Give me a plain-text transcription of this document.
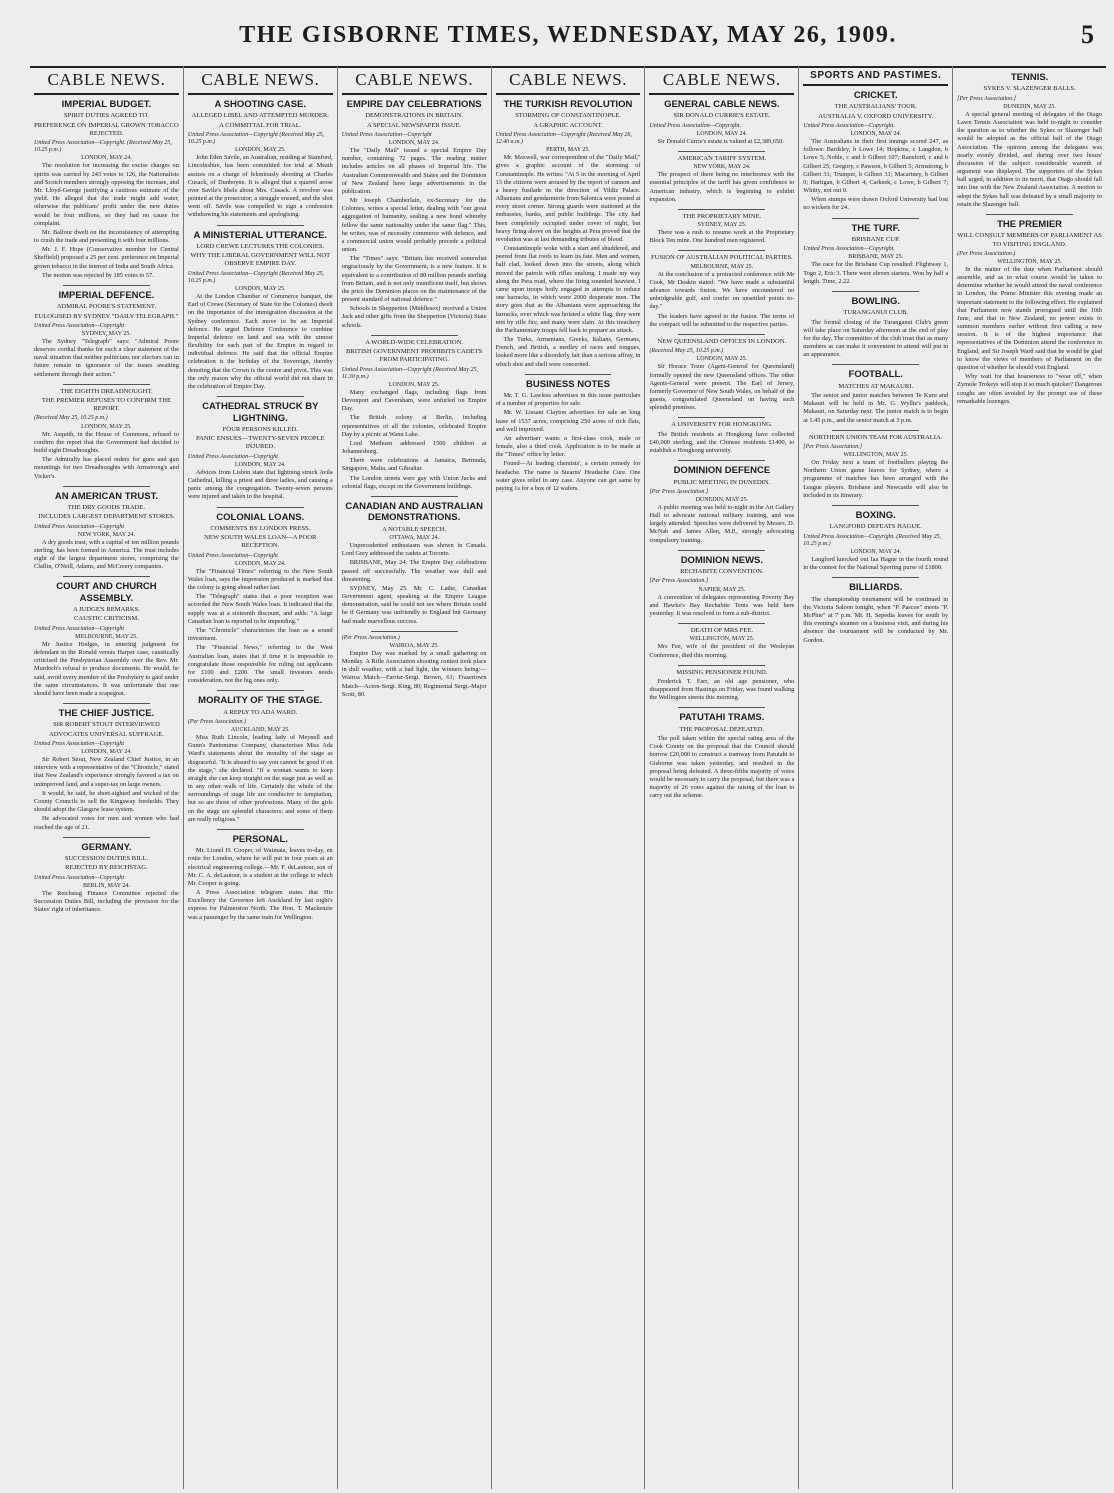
THE GISBORNE TIMES, WEDNESDAY, MAY 26, 1909.	5
CABLE NEWS.
IMPERIAL BUDGET.
SPIRIT DUTIES AGREED TO.
PREFERENCE ON IMPERIAL GROWN TOBACCO REJECTED.
United Press Association—Copyright. (Received May 25, 10.25 p.m.)
LONDON, MAY 24.

The resolution for increasing the excise charges on spirits was carried by 243 votes to 126, the Nationalists and Scotch members strongly opposing the increase, and Mr. Lloyd-George justifying a cautious estimate of the yield. He alleged that the trade might add water, otherwise the publicans' profit under the new duties would be four millions, so they had no cause for complaint.

Mr. Balfour dwelt on the inconsistency of attempting to crush the trade and presenting it with four millions.

Mr. J. F. Hope (Conservative member for Central Sheffield) proposed a 25 per cent. preference on Imperial grown tobacco in the interest of India and South Africa.

The motion was rejected by 185 votes to 57.

IMPERIAL DEFENCE.
ADMIRAL POORE'S STATEMENT.
EULOGISED BY SYDNEY "DAILY TELEGRAPH."
United Press Association—Copyright
SYDNEY, MAY 25.

The Sydney "Telegraph" says: "Admiral Poore deserves cordial thanks for such a clear statement of the naval situation that neither politicians nor electors can in future remain in ignorance of the issues awaiting settlement through their action."

THE EIGHTH DREADNOUGHT.
THE PREMIER REFUSES TO CONFIRM THE REPORT.
(Received May 25, 10.25 p.m.)
LONDON, MAY 25.

Mr. Asquith, in the House of Commons, refused to confirm the report that the Government had decided to build eight Dreadnoughts.

The Admiralty has placed orders for guns and gun mountings for two Dreadnoughts with Armstrong's and Vicker's.

AN AMERICAN TRUST.
THE DRY GOODS TRADE.
INCLUDES LARGEST DEPARTMENT STORES.
United Press Association—Copyright
NEW YORK, MAY 24.

A dry goods trust, with a capital of ten million pounds sterling, has been formed in America. The trust includes eight of the largest department stores, comprising the Claflin, O'Neill, Adams, and McCreery companies.

COURT AND CHURCH ASSEMBLY.
A JUDGE'S REMARKS.
CAUSTIC CRITICISM.
United Press Association—Copyright
MELBOURNE, MAY 25.

Mr Justice Hodges, in entering judgment for defendant in the Ronald versus Harper case, caustically criticised the Presbyterian Assembly over the Rev. Mr. Murdoch's refusal to produce documents. He would, he said, avoid every member of the Presbytery to gaol under the same circumstances. It was unfortunate that one should have been made a scapegoat.

THE CHIEF JUSTICE.
SIR ROBERT STOUT INTERVIEWED
ADVOCATES UNIVERSAL SUFFRAGE.
United Press Association—Copyright
LONDON, MAY 24.

Sir Robert Stout, New Zealand Chief Justice, in an interview with a representative of the "Chronicle," stated that New Zealand's experience strongly favored a tax on unimproved land, and a super-tax on large owners.

It would, he said, be short-sighted and wicked of the County Councils to sell the Kingsway freeholds. They should adopt the Glasgow lease system.

He advocated votes for men and women who had reached the age of 21.

GERMANY.
SUCCESSION DUTIES BILL.
REJECTED BY REICHSTAG.
United Press Association—Copyright
BERLIN, MAY 24.

The Reichstag Finance Committee rejected the Succession Duties Bill, including the provision for the States' right of inheritance.

CABLE NEWS.
A SHOOTING CASE.
ALLEGED LIBEL AND ATTEMPTED MURDER.
A COMMITTAL FOR TRIAL.
United Press Association—Copyright (Received May 25, 10.25 p.m.)
LONDON, MAY 25.

John Eden Savile, an Australian, residing at Stamford, Lincolnshire, has been committed for trial at Meath assizes on a charge of feloniously shooting at Charles Cusack, of Dunboyne. It is alleged that a quarrel arose over Savile's libels about Mrs. Cusack. A revolver was pointed at the prosecutor; a struggle ensued, and the shot went off. Savile was compelled to sign a confession withdrawing his statements and apologising.

A MINISTERIAL UTTERANCE.
LORD CREWE LECTURES THE COLONIES.
WHY THE LIBERAL GOVERNMENT WILL NOT OBSERVE EMPIRE DAY.
United Press Association—Copyright (Received May 25, 10.25 p.m.)
LONDON, MAY 25.

At the London Chamber of Commerce banquet, the Earl of Crewe (Secretary of State for the Colonies) dwelt on the importance of the immigration discussion at the Sydney conference. Each move to be an Imperial defence. He urged Defence Conference to combine Imperial defence on land and sea with the utmost flexibility for each part of the Empire in regard to individual defence. He said that the official Empire celebration is the birthday of the Sovereign, thereby denoting that the Crown is the centre and pivot. This was the only reason why the official world did not share in the celebration of Empire Day.

CATHEDRAL STRUCK BY LIGHTNING.
FOUR PERSONS KILLED.
PANIC ENSUES—TWENTY-SEVEN PEOPLE INJURED.
United Press Association—Copyright
LONDON, MAY 24.

Advices from Lisbon state that lightning struck Avila Cathedral, killing a priest and three ladies, and causing a panic among the congregation. Twenty-seven persons were injured and taken to the hospital.

COLONIAL LOANS.
COMMENTS BY LONDON PRESS.
NEW SOUTH WALES LOAN—A POOR RECEPTION.
United Press Association—Copyright
LONDON, MAY 24.

The "Financial Times" referring to the New South Wales loan, says the impression produced is marked that the colony is going ahead rather fast.

The "Telegraph" states that a poor reception was accorded the New South Wales loan. It indicated that the supply was at a sixteenth discount, and adds: "A large Canadian loan is reported to be impending."

The "Chronicle" characterises the loan as a sound investment.

The "Financial News," referring to the West Australian loan, states that if time it is impossible to congratulate those responsible for ruling out applicants for £100 and £200. The small investors needs consideration, not the big ones only.

MORALITY OF THE STAGE.
A REPLY TO ADA WARD.
(Per Press Association.)
AUCKLAND, MAY 25.

Miss Ruth Lincoln, leading lady of Meynell and Gunn's Pantomime Company, characterises Miss Ada Ward's statements about the morality of the stage as disgraceful. "It is absurd to say you cannot be good if on the stage," she declared. "If a woman wants to keep straight she can keep straight on the stage just as well as in any other walk of life. Certainly the whole of the surroundings of stage life are conducive to temptation, but so are those of other professions. Many of the girls on the stage are splendid characters; and some of them are really religious."

PERSONAL.

Mr. Lionel H. Cooper, of Waimata, leaves to-day, en route for London, where he will put in four years at an electrical engineering college.—Mr. F. deLautour, son of Mr. C. A. deLautour, is a student at the college to which Mr. Cooper is going.

A Press Association telegram states that His Excellency the Governor left Auckland by last night's express for Palmerston North. The Hon. T. Mackenzie was a passenger by the same train for Wellington.

CABLE NEWS.
EMPIRE DAY CELEBRATIONS
DEMONSTRATIONS IN BRITAIN.
A SPECIAL NEWSPAPER ISSUE.
United Press Association—Copyright
LONDON, MAY 24.

The "Daily Mail" issued a special Empire Day number, containing 72 pages. The reading matter includes articles on all phases of Imperial life. The Australian Commonwealth and States and the Dominion of New Zealand have large advertisements in the publication.

Mr Joseph Chamberlain, ex-Secretary for the Colonies, writes a special letter, dealing with "our great aggregation of humanity, sealing a new bond whereby fellow the same nationality under the same flag." This, he writes, was of necessity commerce with defence, and a commercial union would probably precede a political union.

The "Times" says: "Britain has received somewhat ungraciously by the Government, is a new feature. It is equivalent to a contribution of 80 million pounds sterling from Britain, and is not only munificent itself, but shows the price the Dominion places on the maintenance of the present standard of national defence."

Schools in Shepperton (Middlesex) received a Union Jack and other gifts from the Shepperton (Victoria) State schools.

A WORLD-WIDE CELEBRATION.
BRITISH GOVERNMENT PROHIBITS CADETS FROM PARTICIPATING.
United Press Association—Copyright (Received May 25, 11.30 p.m.)
LONDON, MAY 25.

Many exchanged flags, including flags from Devonport and Caversham, were unfurled on Empire Day.

The British colony at Berlin, including representatives of all the colonies, celebrated Empire Day by a picnic at Wann Lake.

Lord Methuen addressed 1500 children at Johannesburg.

There were celebrations at Jamaica, Bermuda, Singapore, Malta, and Gibraltar.

The London streets were gay with Union Jacks and colonial flags, except on the Government buildings.

CANADIAN AND AUSTRALIAN DEMONSTRATIONS.
A NOTABLE SPEECH.
OTTAWA, MAY 24.

Unprecedented enthusiasm was shown in Canada. Lord Grey addressed the cadets at Toronto.

BRISBANE, May 24. The Empire Day celebrations passed off successfully. The weather was dull and threatening.

SYDNEY, May 25. Mr. C. Lathe, Canadian Government agent, speaking at the Empire League demonstration, said he could not see where Britain could be if Germany was unfriendly to England but Germany had made marvellous success.

(Per Press Association.)
WAIROA, MAY 25.

Empire Day was marked by a small gathering on Monday. A Rifle Association shooting contest took place in dull weather, with a bad light, the winners being:—Wairoa Match—Farrier-Sergt. Brown, 61; Frasertown Match—Acton-Sergt. King, 80; Regimental Sergt.-Major Scott, 80.

CABLE NEWS.
THE TURKISH REVOLUTION
STORMING OF CONSTANTINOPLE.
A GRAPHIC ACCOUNT.
United Press Association—Copyright (Received May 26, 12.40 a.m.)
PERTH, MAY 25.

Mr. Maxwell, war correspondent of the "Daily Mail," gives a graphic account of the storming of Constantinople. He writes: "At 5 in the morning of April 13 the citizens were aroused by the report of cannon and a heavy fusilade in the direction of Yildiz Palace. Albanians and gendarmerie from Salonica were posted at every street corner. Strong guards were stationed at the embassies, banks, and public buildings. The city had been completely occupied under cover of night, but heavy firing above on the heights at Pera proved that the revolution was at last demanding tributes of blood.

Constantinople woke with a start and shuddered, and peered from flat roofs to learn its fate. Men and women, half clad, looked down into the streets, along which moved the patrols with rifles unslung. I made my way along the Pera road, where the firing sounded heaviest. I came upon troops hotly engaged in attempts to reduce one barracks, in which were 2000 desperate men. The story goes that as the Albanians were approaching the barracks, over which was hoisted a white flag, they were met by rifle fire, and many were slain. At this treachery the Parliamentary troops fell back to prepare an attack.

The Turks, Armenians, Greeks, Italians, Germans, French, and British, a medley of races and tongues, looked more like a disorderly fair than a serious affray, in which shot and shell were concerned.

BUSINESS NOTES

Mr. T. G. Lawless advertises in this issue particulars of a number of properties for sale.

Mr. W. Lissant Clayton advertises for sale an long lease of 1537 acres, comprising 250 acres of rich flats, and well improved.

An advertiser wants a first-class cook, male or female, also a third cook. Application is to be made at the "Times" office by letter.

Found—At leading chemists', a certain remedy for headache. The name is Stearns' Headache Cure. One water gives relief in any case. Anyone can get same by paying 1s for a box of 12 wafers.

CABLE NEWS.
GENERAL CABLE NEWS.
SIR DONALD CURRIE'S ESTATE.
United Press Association—Copyright.
LONDON, MAY 24.

Sir Donald Currie's estate is valued at £2,389,650.

AMERICAN TARIFF SYSTEM.
NEW YORK, MAY 24.

The prospect of there being no interference with the essential principles of the tariff has given confidence to American industry, which is beginning to exhibit expansion.

THE PROPRIETARY MINE.
SYDNEY, MAY 25.

There was a rush to resume work at the Proprietary Block Ten mine. One hundred men registered.

FUSION OF AUSTRALIAN POLITICAL PARTIES.
MELBOURNE, MAY 25.

At the conclusion of a protracted conference with Mr Cook, Mr Deakin stated: "We have made a substantial advance towards fusion. We have encountered no unbridgeable gulf, and confer on unsettled points to-day."

The leaders have agreed to the fusion. The terms of the compact will be submitted to the respective parties.

NEW QUEENSLAND OFFICES IN LONDON.
(Received May 25, 10.25 p.m.)
LONDON, MAY 25.

Sir Horace Tozer (Agent-General for Queensland) formally opened the new Queensland offices. The other Agents-General were present. The Earl of Jersey, formerly Governor of New South Wales, on behalf of the guests, congratulated Queensland on having such splendid premises.

A UNIVERSITY FOR HONGKONG.

The British residents at Hongkong have collected £40,000 sterling, and the Chinese residents £1400, to establish a Hongkong university.

DOMINION DEFENCE
PUBLIC MEETING IN DUNEDIN.
[Per Press Association.]
DUNEDIN, MAY 25.

A public meeting was held to-night in the Art Gallery Hall to advocate national military training, and was largely attended. Speeches were delivered by Messrs. D. McNab and James Allen, M.P., strongly advocating compulsory training.

DOMINION NEWS.
RECHABITE CONVENTION.
[Per Press Association.]
NAPIER, MAY 25.

A convention of delegates representing Poverty Bay and Hawke's Bay Rechabite Tents was held here yesterday. It was resolved to form a sub-district.

DEATH OF MRS FEE.
WELLINGTON, MAY 25.

Mrs Fee, wife of the president of the Wesleyan Conference, died this morning.

MISSING PENSIONER FOUND.

Frederick T. Farr, an old age pensioner, who disappeared from Hastings on Friday, was found walking the Wellington streets this morning.

PATUTAHI TRAMS.
THE PROPOSAL DEFEATED.

The poll taken within the special rating area of the Cook County on the proposal that the Council should borrow £20,000 to construct a tramway from Patutahi to Gisborne was taken yesterday, and resulted in the proposal being defeated. A three-fifths majority of votes would be necessary to carry the proposal, but there was a majority of 26 votes against the raising of the loan to carry out the scheme.

SPORTS AND PASTIMES.
CRICKET.
THE AUSTRALIANS' TOUR.
AUSTRALIA V. OXFORD UNIVERSITY.
United Press Association—Copyright.
LONDON, MAY 24.

The Australians in their first innings scored 247, as follows: Bardsley, b Lowe 14; Hopkins, c Langdon, b Lowe 5; Noble, c and b Gilbert 107; Ransford, c and b Gilbert 25; Gregory, c Pawson, b Gilbert 5; Armstrong, b Gilbert 31; Trumper, b Gilbert 31; Macartney, b Gilbert 0; Hartigan, b Gilbert 4; Carkeek, c Lowe, b Gilbert 7; Whitty, not out 0.

When stumps were drawn Oxford University had lost no wickets for 24.

THE TURF.
BRISBANE CUP.
United Press Association—Copyright.
BRISBANE, MAY 25.

The race for the Brisbane Cup resulted: Flightway 1, Togo 2, Eric 3. There were eleven starters. Won by half a length. Time, 2.22.

BOWLING.
TURANGANUI CLUB.

The formal closing of the Turanganui Club's green will take place on Saturday afternoon at the end of play for the day. The committee of the club trust that as many members as can make it convenient to attend will put in an appearance.

FOOTBALL.
MATCHES AT MAKAURI.

The senior and junior matches between Te Kuru and Makauri will be held in Mr. G. Wyllie's paddock, Makauri, on Saturday next. The junior match is to begin at 1.45 p.m., and the senior match at 3 p.m.

NORTHERN UNION TEAM FOR AUSTRALIA.
[Per Press Association.]
WELLINGTON, MAY 25.

On Friday next a team of footballers playing the Northern Union game leaves for Sydney, where a programme of matches has been arranged with the League players. Brisbane and Newcastle will also be included in its itinerary.

BOXING.
LANGFORD DEFEATS HAGUE.
United Press Association—Copyright. (Received May 25, 10.25 p.m.)
LONDON, MAY 24.

Langford knocked out Iaa Hague in the fourth round in the contest for the National Sporting purse of £1800.

BILLIARDS.

The championship tournament will be continued in the Victoria Saloon tonight, when "P. Pascoe" meets "P. McPhie" at 7 p.m. Mr. H. Sepedia leaves for south by this evening's steamer on a business visit, and during his absence the tournament will be conducted by Mr. Gordon.

TENNIS.
SYKES V. SLAZENGER BALLS.
[Per Press Association.]
DUNEDIN, MAY 25.

A special general meeting of delegates of the Otago Lawn Tennis Association was held to-night to consider the question as to whether the Sykes or Slazenger ball would be adopted as the official ball of the Otago Association. The opinion among the delegates was nearly evenly divided, and during over two hours' discussion of the subject considerable warmth of argument was displayed. The supporters of the Sykes ball urged, in addition to its merit, that Otago should fall into line with the New Zealand Association. A motion to adopt the Sykes ball was defeated by a small majority to retain the Slazenger ball.

THE PREMIER
WILL CONSULT MEMBERS OF PARLIAMENT AS TO VISITING ENGLAND.
(Per Press Association.)
WELLINGTON, MAY 25.

In the matter of the date when Parliament should assemble, and as to what course would be taken to determine whether he would attend the naval conference in London, the Prime Minister this evening made an important statement to the following effect. He explained that Parliament now stands prorogued until the 10th June, and that in New Zealand, no power exists to summon members earlier without first calling a new session. It is of the highest importance that representatives of the Dominion attend the conference in England, and Sir Joseph Ward said that he would be glad to know the views of members of Parliament on the question of whether he should visit England.

Why wait for that hoarseness to "wear off," when Zymole Trokeys will stop it so much quicker? Dangerous coughs are often avoided by the prompt use of these remarkable lozenges.
